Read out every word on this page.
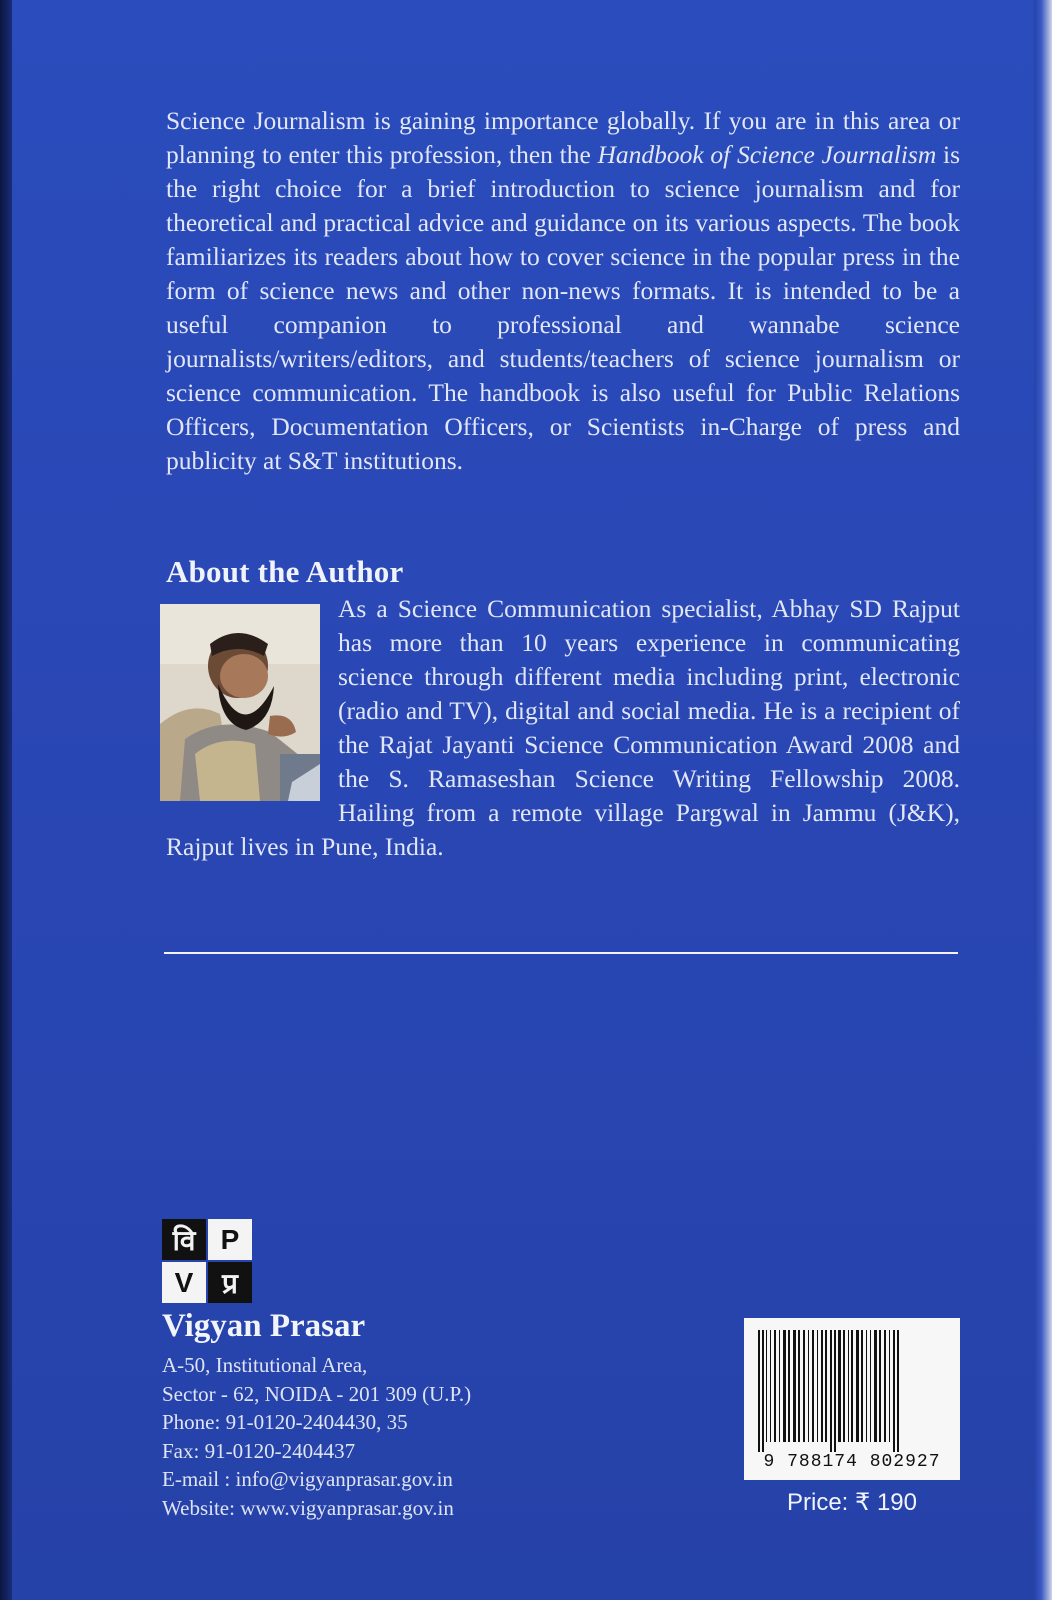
Science Journalism is gaining importance globally. If you are in this area or planning to enter this profession, then the Handbook of Science Journalism is the right choice for a brief introduction to science journalism and for theoretical and practical advice and guidance on its various aspects. The book familiarizes its readers about how to cover science in the popular press in the form of science news and other non-news formats. It is intended to be a useful companion to professional and wannabe science journalists/writers/editors, and students/teachers of science journalism or science communication. The handbook is also useful for Public Relations Officers, Documentation Officers, or Scientists in-Charge of press and publicity at S&T institutions.

About the Author

As a Science Communication specialist, Abhay SD Rajput has more than 10 years experience in communicating science through different media including print, electronic (radio and TV), digital and social media. He is a recipient of the Rajat Jayanti Science Communication Award 2008 and the S. Ramaseshan Science Writing Fellowship 2008. Hailing from a remote village Pargwal in Jammu (J&K), Rajput lives in Pune, India.

वि P
V	प्र
Vigyan Prasar
A-50, Institutional Area,
Sector - 62, NOIDA - 201 309 (U.P.)
Phone: 91-0120-2404430, 35
Fax: 91-0120-2404437
E-mail : info@vigyanprasar.gov.in
Website: www.vigyanprasar.gov.in
9 788174 802927
Price: ₹ 190
